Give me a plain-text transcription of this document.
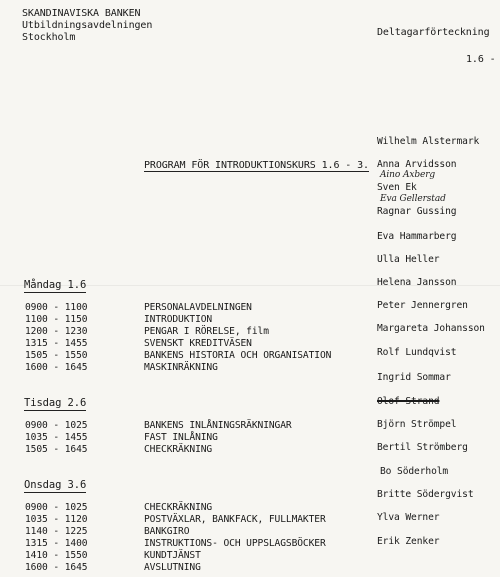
SKANDINAVISKA BANKEN
Utbildningsavdelningen
Stockholm	Deltagarförteckning
1.6 -
PROGRAM FÖR INTRODUKTIONSKURS 1.6 - 3.
Måndag 1.6
0900 - 1100	PERSONALAVDELNINGEN
1100 - 1150	INTRODUKTION
1200 - 1230	PENGAR I RÖRELSE, film
1315 - 1455	SVENSKT KREDITVÄSEN
1505 - 1550	BANKENS HISTORIA OCH ORGANISATION
1600 - 1645	MASKINRÄKNING
Tisdag 2.6
0900 - 1025	BANKENS INLÅNINGSRÄKNINGAR
1035 - 1455	FAST INLÅNING
1505 - 1645	CHECKRÄKNING
Onsdag 3.6
0900 - 1025	CHECKRÄKNING
1035 - 1120	POSTVÄXLAR, BANKFACK, FULLMAKTER
1140 - 1225	BANKGIRO
1315 - 1400	INSTRUKTIONS- OCH UPPSLAGSBÖCKER
1410 - 1550	KUNDTJÄNST
1600 - 1645	AVSLUTNING
Wilhelm Alstermark
Anna Arvidsson
Aino Axberg
Sven Ek
Eva Gellerstad
Ragnar Gussing
Eva Hammarberg
Ulla Heller
Helena Jansson
Peter Jennergren
Margareta Johansson
Rolf Lundqvist
Ingrid Sommar
Olof Strand
Björn Strömpel
Bertil Strömberg
Bo Söderholm
Britte Södergvist
Ylva Werner
Erik Zenker
